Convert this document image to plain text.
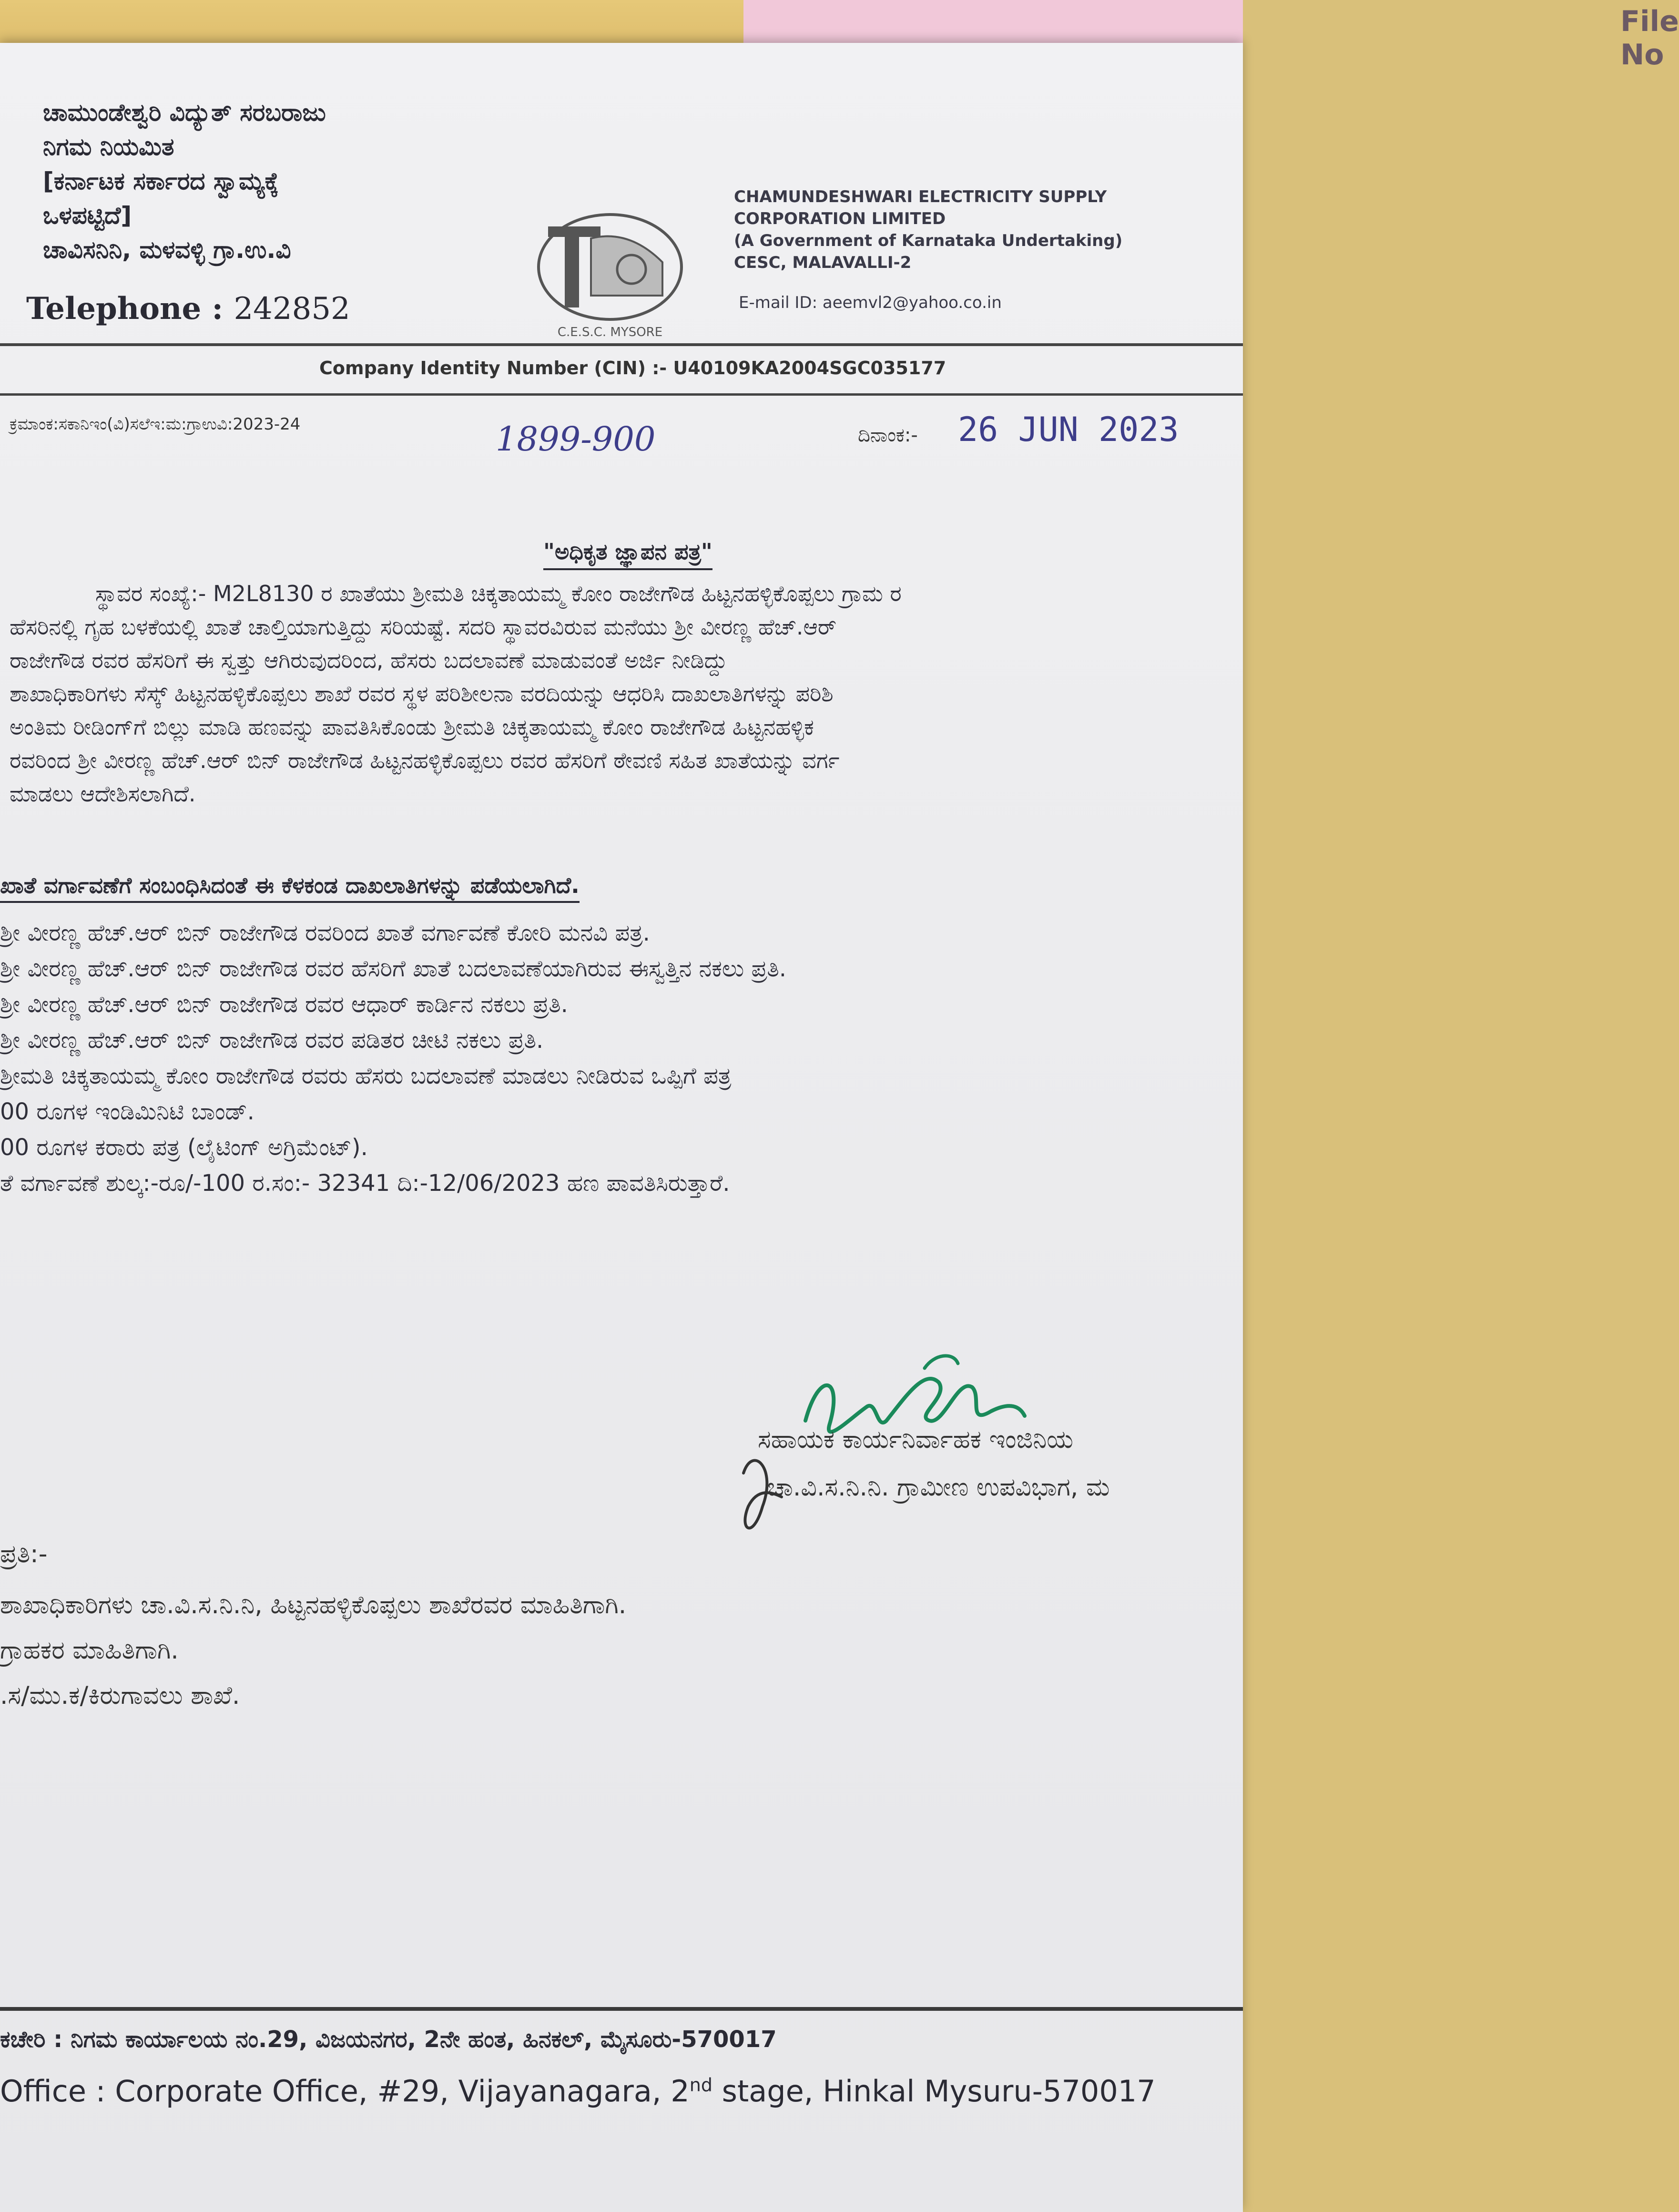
File No
ಚಾಮುಂಡೇಶ್ವರಿ ವಿದ್ಯುತ್ ಸರಬರಾಜು
ನಿಗಮ ನಿಯಮಿತ
[ಕರ್ನಾಟಕ ಸರ್ಕಾರದ ಸ್ವಾಮ್ಯಕ್ಕೆ
ಒಳಪಟ್ಟಿದೆ]
ಚಾವಿಸನಿನಿ, ಮಳವಳ್ಳಿ ಗ್ರಾ.ಉ.ವಿ
Telephone : 242852
C.E.S.C. MYSORE
CHAMUNDESHWARI ELECTRICITY SUPPLY
CORPORATION LIMITED
(A Government of Karnataka Undertaking)
CESC, MALAVALLI-2
E-mail ID: aeemvl2@yahoo.co.in
Company Identity Number (CIN) :- U40109KA2004SGC035177
ಕ್ರಮಾಂಕ:ಸಕಾನಿಇಂ(ವಿ)ಸಲೆಇ:ಮ:ಗ್ರಾಉವಿ:2023-24	1899-900	ದಿನಾಂಕ:- 26 JUN 2023
"ಅಧಿಕೃತ ಜ್ಞಾಪನ ಪತ್ರ"

ಸ್ಥಾವರ ಸಂಖ್ಯೆ:- M2L8130 ರ ಖಾತೆಯು ಶ್ರೀಮತಿ ಚಿಕ್ಕತಾಯಮ್ಮ ಕೋಂ ರಾಜೇಗೌಡ ಹಿಟ್ಟನಹಳ್ಳಿಕೊಪ್ಪಲು ಗ್ರಾಮ ರ

ಹೆಸರಿನಲ್ಲಿ ಗೃಹ ಬಳಕೆಯಲ್ಲಿ ಖಾತೆ ಚಾಲ್ತಿಯಾಗುತ್ತಿದ್ದು ಸರಿಯಷ್ಟೆ. ಸದರಿ ಸ್ಥಾವರವಿರುವ ಮನೆಯು ಶ್ರೀ ವೀರಣ್ಣ ಹೆಚ್.ಆರ್

ರಾಜೇಗೌಡ ರವರ ಹೆಸರಿಗೆ ಈ ಸ್ವತ್ತು ಆಗಿರುವುದರಿಂದ, ಹೆಸರು ಬದಲಾವಣೆ ಮಾಡುವಂತೆ ಅರ್ಜಿ ನೀಡಿದ್ದು

ಶಾಖಾಧಿಕಾರಿಗಳು ಸೆಸ್ಕ್ ಹಿಟ್ಟನಹಳ್ಳಿಕೊಪ್ಪಲು ಶಾಖೆ ರವರ ಸ್ಥಳ ಪರಿಶೀಲನಾ ವರದಿಯನ್ನು ಆಧರಿಸಿ ದಾಖಲಾತಿಗಳನ್ನು ಪರಿಶಿ

ಅಂತಿಮ ರೀಡಿಂಗ್‌ಗೆ ಬಿಲ್ಲು ಮಾಡಿ ಹಣವನ್ನು ಪಾವತಿಸಿಕೊಂಡು ಶ್ರೀಮತಿ ಚಿಕ್ಕತಾಯಮ್ಮ ಕೋಂ ರಾಜೇಗೌಡ ಹಿಟ್ಟನಹಳ್ಳಿಕ

ರವರಿಂದ ಶ್ರೀ ವೀರಣ್ಣ ಹೆಚ್.ಆರ್ ಬಿನ್ ರಾಜೇಗೌಡ ಹಿಟ್ಟನಹಳ್ಳಿಕೊಪ್ಪಲು ರವರ ಹೆಸರಿಗೆ ಠೇವಣಿ ಸಹಿತ ಖಾತೆಯನ್ನು ವರ್ಗ

ಮಾಡಲು ಆದೇಶಿಸಲಾಗಿದೆ.

ಖಾತೆ ವರ್ಗಾವಣೆಗೆ ಸಂಬಂಧಿಸಿದಂತೆ ಈ ಕೆಳಕಂಡ ದಾಖಲಾತಿಗಳನ್ನು ಪಡೆಯಲಾಗಿದೆ.
ಶ್ರೀ ವೀರಣ್ಣ ಹೆಚ್.ಆರ್ ಬಿನ್ ರಾಜೇಗೌಡ ರವರಿಂದ ಖಾತೆ ವರ್ಗಾವಣೆ ಕೋರಿ ಮನವಿ ಪತ್ರ.
ಶ್ರೀ ವೀರಣ್ಣ ಹೆಚ್.ಆರ್ ಬಿನ್ ರಾಜೇಗೌಡ ರವರ ಹೆಸರಿಗೆ ಖಾತೆ ಬದಲಾವಣೆಯಾಗಿರುವ ಈಸ್ವತ್ತಿನ ನಕಲು ಪ್ರತಿ.
ಶ್ರೀ ವೀರಣ್ಣ ಹೆಚ್.ಆರ್ ಬಿನ್ ರಾಜೇಗೌಡ ರವರ ಆಧಾರ್ ಕಾರ್ಡಿನ ನಕಲು ಪ್ರತಿ.
ಶ್ರೀ ವೀರಣ್ಣ ಹೆಚ್.ಆರ್ ಬಿನ್ ರಾಜೇಗೌಡ ರವರ ಪಡಿತರ ಚೀಟಿ ನಕಲು ಪ್ರತಿ.
ಶ್ರೀಮತಿ ಚಿಕ್ಕತಾಯಮ್ಮ ಕೋಂ ರಾಜೇಗೌಡ ರವರು ಹೆಸರು ಬದಲಾವಣೆ ಮಾಡಲು ನೀಡಿರುವ ಒಪ್ಪಿಗೆ ಪತ್ರ
00 ರೂಗಳ ಇಂಡಿಮಿನಿಟಿ ಬಾಂಡ್.
00 ರೂಗಳ ಕರಾರು ಪತ್ರ (ಲೈಟಿಂಗ್ ಅಗ್ರಿಮೆಂಟ್).
ತೆ ವರ್ಗಾವಣೆ ಶುಲ್ಕ:-ರೂ/-100 ರ.ಸಂ:- 32341 ದಿ:-12/06/2023 ಹಣ ಪಾವತಿಸಿರುತ್ತಾರೆ.
ಸಹಾಯಕ ಕಾರ್ಯನಿರ್ವಾಹಕ ಇಂಜಿನಿಯ
ಚಾ.ವಿ.ಸ.ನಿ.ನಿ. ಗ್ರಾಮೀಣ ಉಪವಿಭಾಗ, ಮ
ಪ್ರತಿ:-
ಶಾಖಾಧಿಕಾರಿಗಳು ಚಾ.ವಿ.ಸ.ನಿ.ನಿ, ಹಿಟ್ಟನಹಳ್ಳಿಕೊಪ್ಪಲು ಶಾಖೆರವರ ಮಾಹಿತಿಗಾಗಿ.
ಗ್ರಾಹಕರ ಮಾಹಿತಿಗಾಗಿ.
.ಸ/ಮು.ಕ/ಕಿರುಗಾವಲು ಶಾಖೆ.
ಕಚೇರಿ : ನಿಗಮ ಕಾರ್ಯಾಲಯ ನಂ.29, ವಿಜಯನಗರ, 2ನೇ ಹಂತ, ಹಿನಕಲ್, ಮೈಸೂರು-570017
Office : Corporate Office, #29, Vijayanagara, 2nd stage, Hinkal Mysuru-570017
